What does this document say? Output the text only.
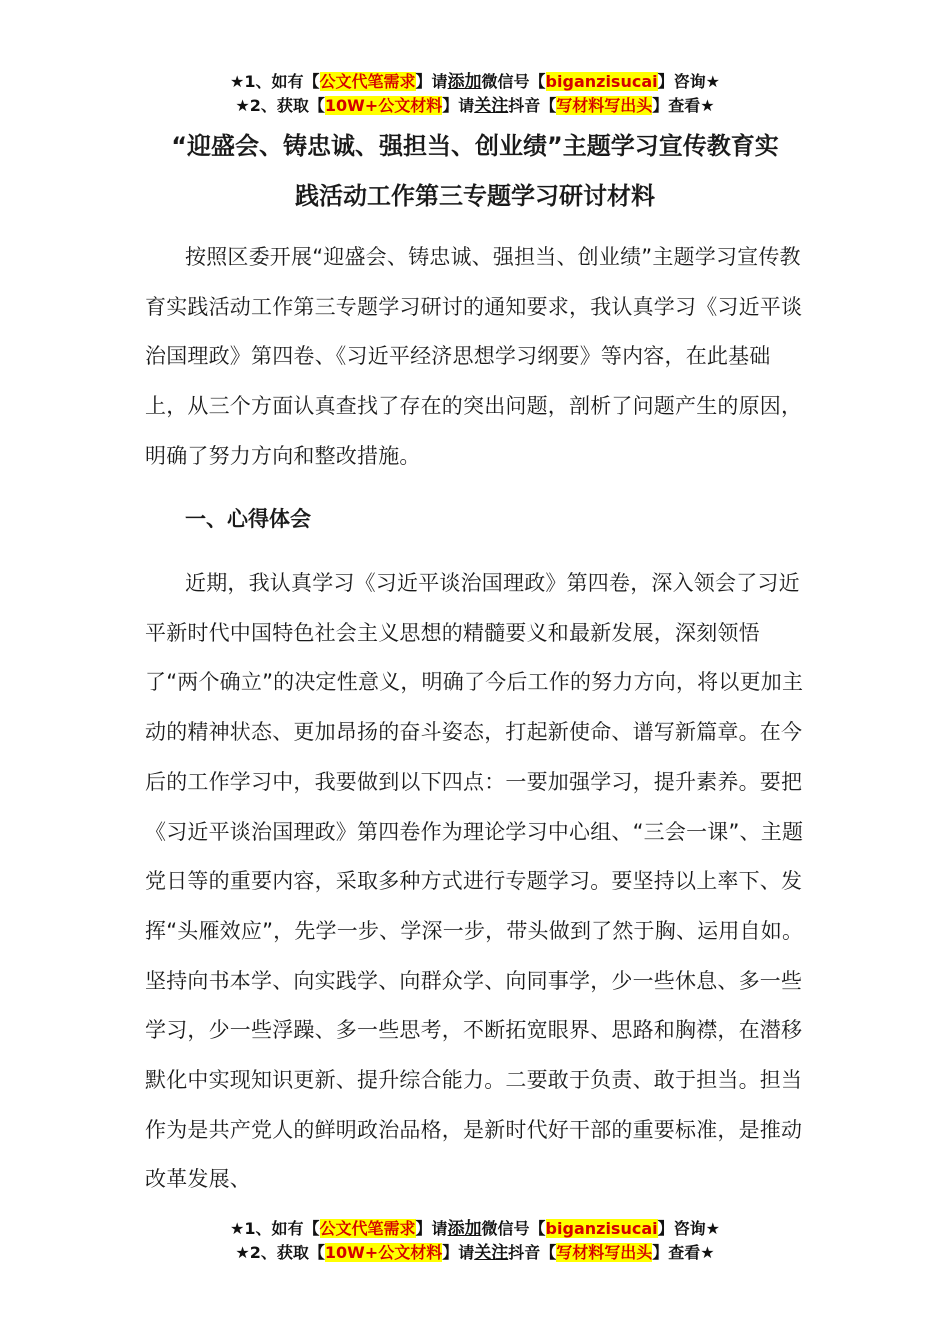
★1、如有【公文代笔需求】请添加微信号【biganzisucai】咨询★
★2、获取【10W+公文材料】请关注抖音【写材料写出头】查看★
“迎盛会、铸忠诚、强担当、创业绩”主题学习宣传教育实
践活动工作第三专题学习研讨材料
按照区委开展“迎盛会、铸忠诚、强担当、创业绩”主题学习宣传教育实践活动工作第三专题学习研讨的通知要求，我认真学习《习近平谈治国理政》第四卷、《习近平经济思想学习纲要》等内容，在此基础上，从三个方面认真查找了存在的突出问题，剖析了问题产生的原因，明确了努力方向和整改措施。
一、心得体会
近期，我认真学习《习近平谈治国理政》第四卷，深入领会了习近平新时代中国特色社会主义思想的精髓要义和最新发展，深刻领悟了“两个确立”的决定性意义，明确了今后工作的努力方向，将以更加主动的精神状态、更加昂扬的奋斗姿态，打起新使命、谱写新篇章。在今后的工作学习中，我要做到以下四点：一要加强学习，提升素养。要把《习近平谈治国理政》第四卷作为理论学习中心组、“三会一课”、主题党日等的重要内容，采取多种方式进行专题学习。要坚持以上率下、发挥“头雁效应”，先学一步、学深一步，带头做到了然于胸、运用自如。坚持向书本学、向实践学、向群众学、向同事学，少一些休息、多一些学习，少一些浮躁、多一些思考，不断拓宽眼界、思路和胸襟，在潜移默化中实现知识更新、提升综合能力。二要敢于负责、敢于担当。担当作为是共产党人的鲜明政治品格，是新时代好干部的重要标准，是推动改革发展、
★1、如有【公文代笔需求】请添加微信号【biganzisucai】咨询★
★2、获取【10W+公文材料】请关注抖音【写材料写出头】查看★
